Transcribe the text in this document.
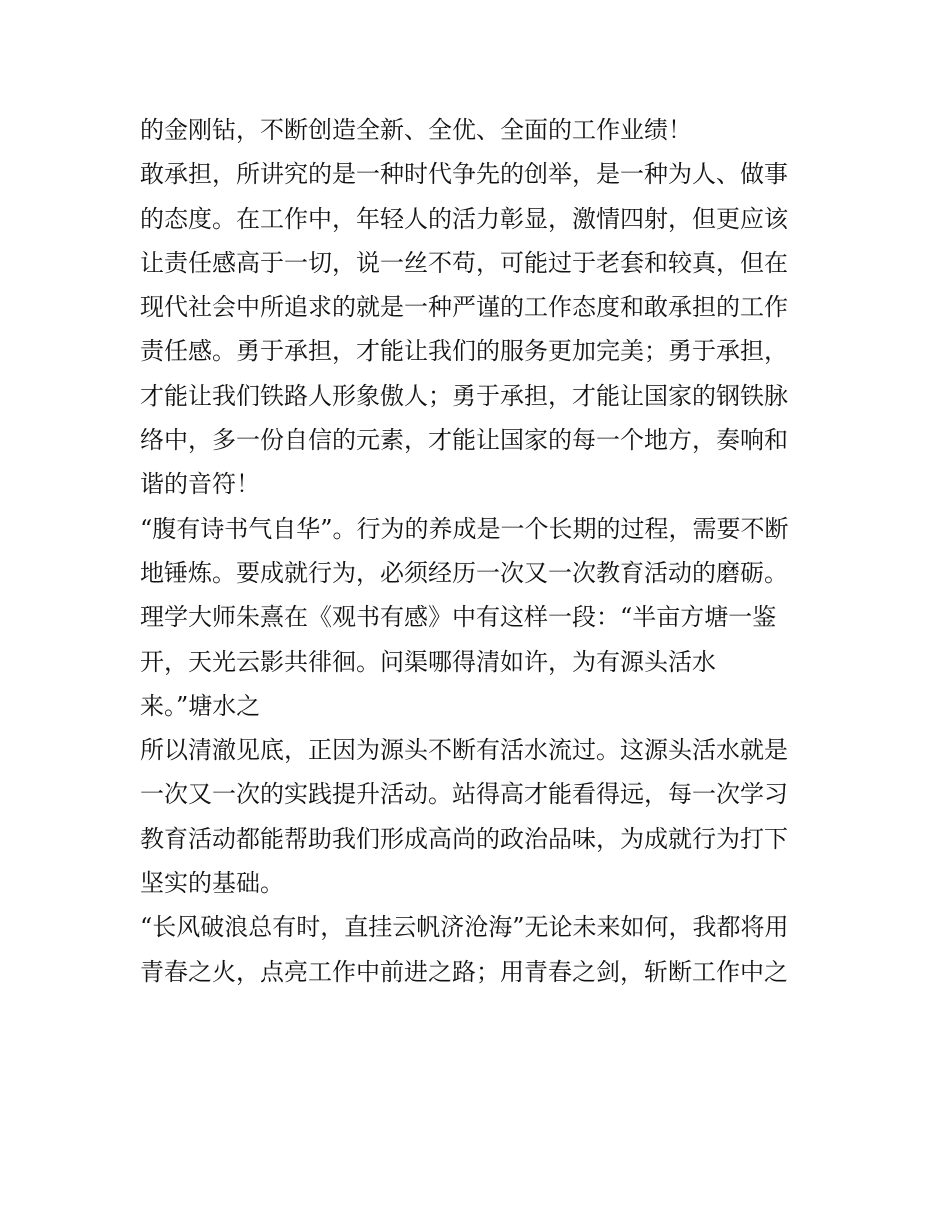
的金刚钻，不断创造全新、全优、全面的工作业绩！
敢承担，所讲究的是一种时代争先的创举，是一种为人、做事
的态度。在工作中，年轻人的活力彰显，激情四射，但更应该
让责任感高于一切，说一丝不苟，可能过于老套和较真，但在
现代社会中所追求的就是一种严谨的工作态度和敢承担的工作
责任感。勇于承担，才能让我们的服务更加完美；勇于承担，
才能让我们铁路人形象傲人；勇于承担，才能让国家的钢铁脉
络中，多一份自信的元素，才能让国家的每一个地方，奏响和
谐的音符！
“腹有诗书气自华”。行为的养成是一个长期的过程，需要不断
地锤炼。要成就行为，必须经历一次又一次教育活动的磨砺。
理学大师朱熹在《观书有感》中有这样一段：“半亩方塘一鉴
开，天光云影共徘徊。问渠哪得清如许，为有源头活水
来。”塘水之
所以清澈见底，正因为源头不断有活水流过。这源头活水就是
一次又一次的实践提升活动。站得高才能看得远，每一次学习
教育活动都能帮助我们形成高尚的政治品味，为成就行为打下
坚实的基础。
“长风破浪总有时，直挂云帆济沧海”无论未来如何，我都将用
青春之火，点亮工作中前进之路；用青春之剑，斩断工作中之
